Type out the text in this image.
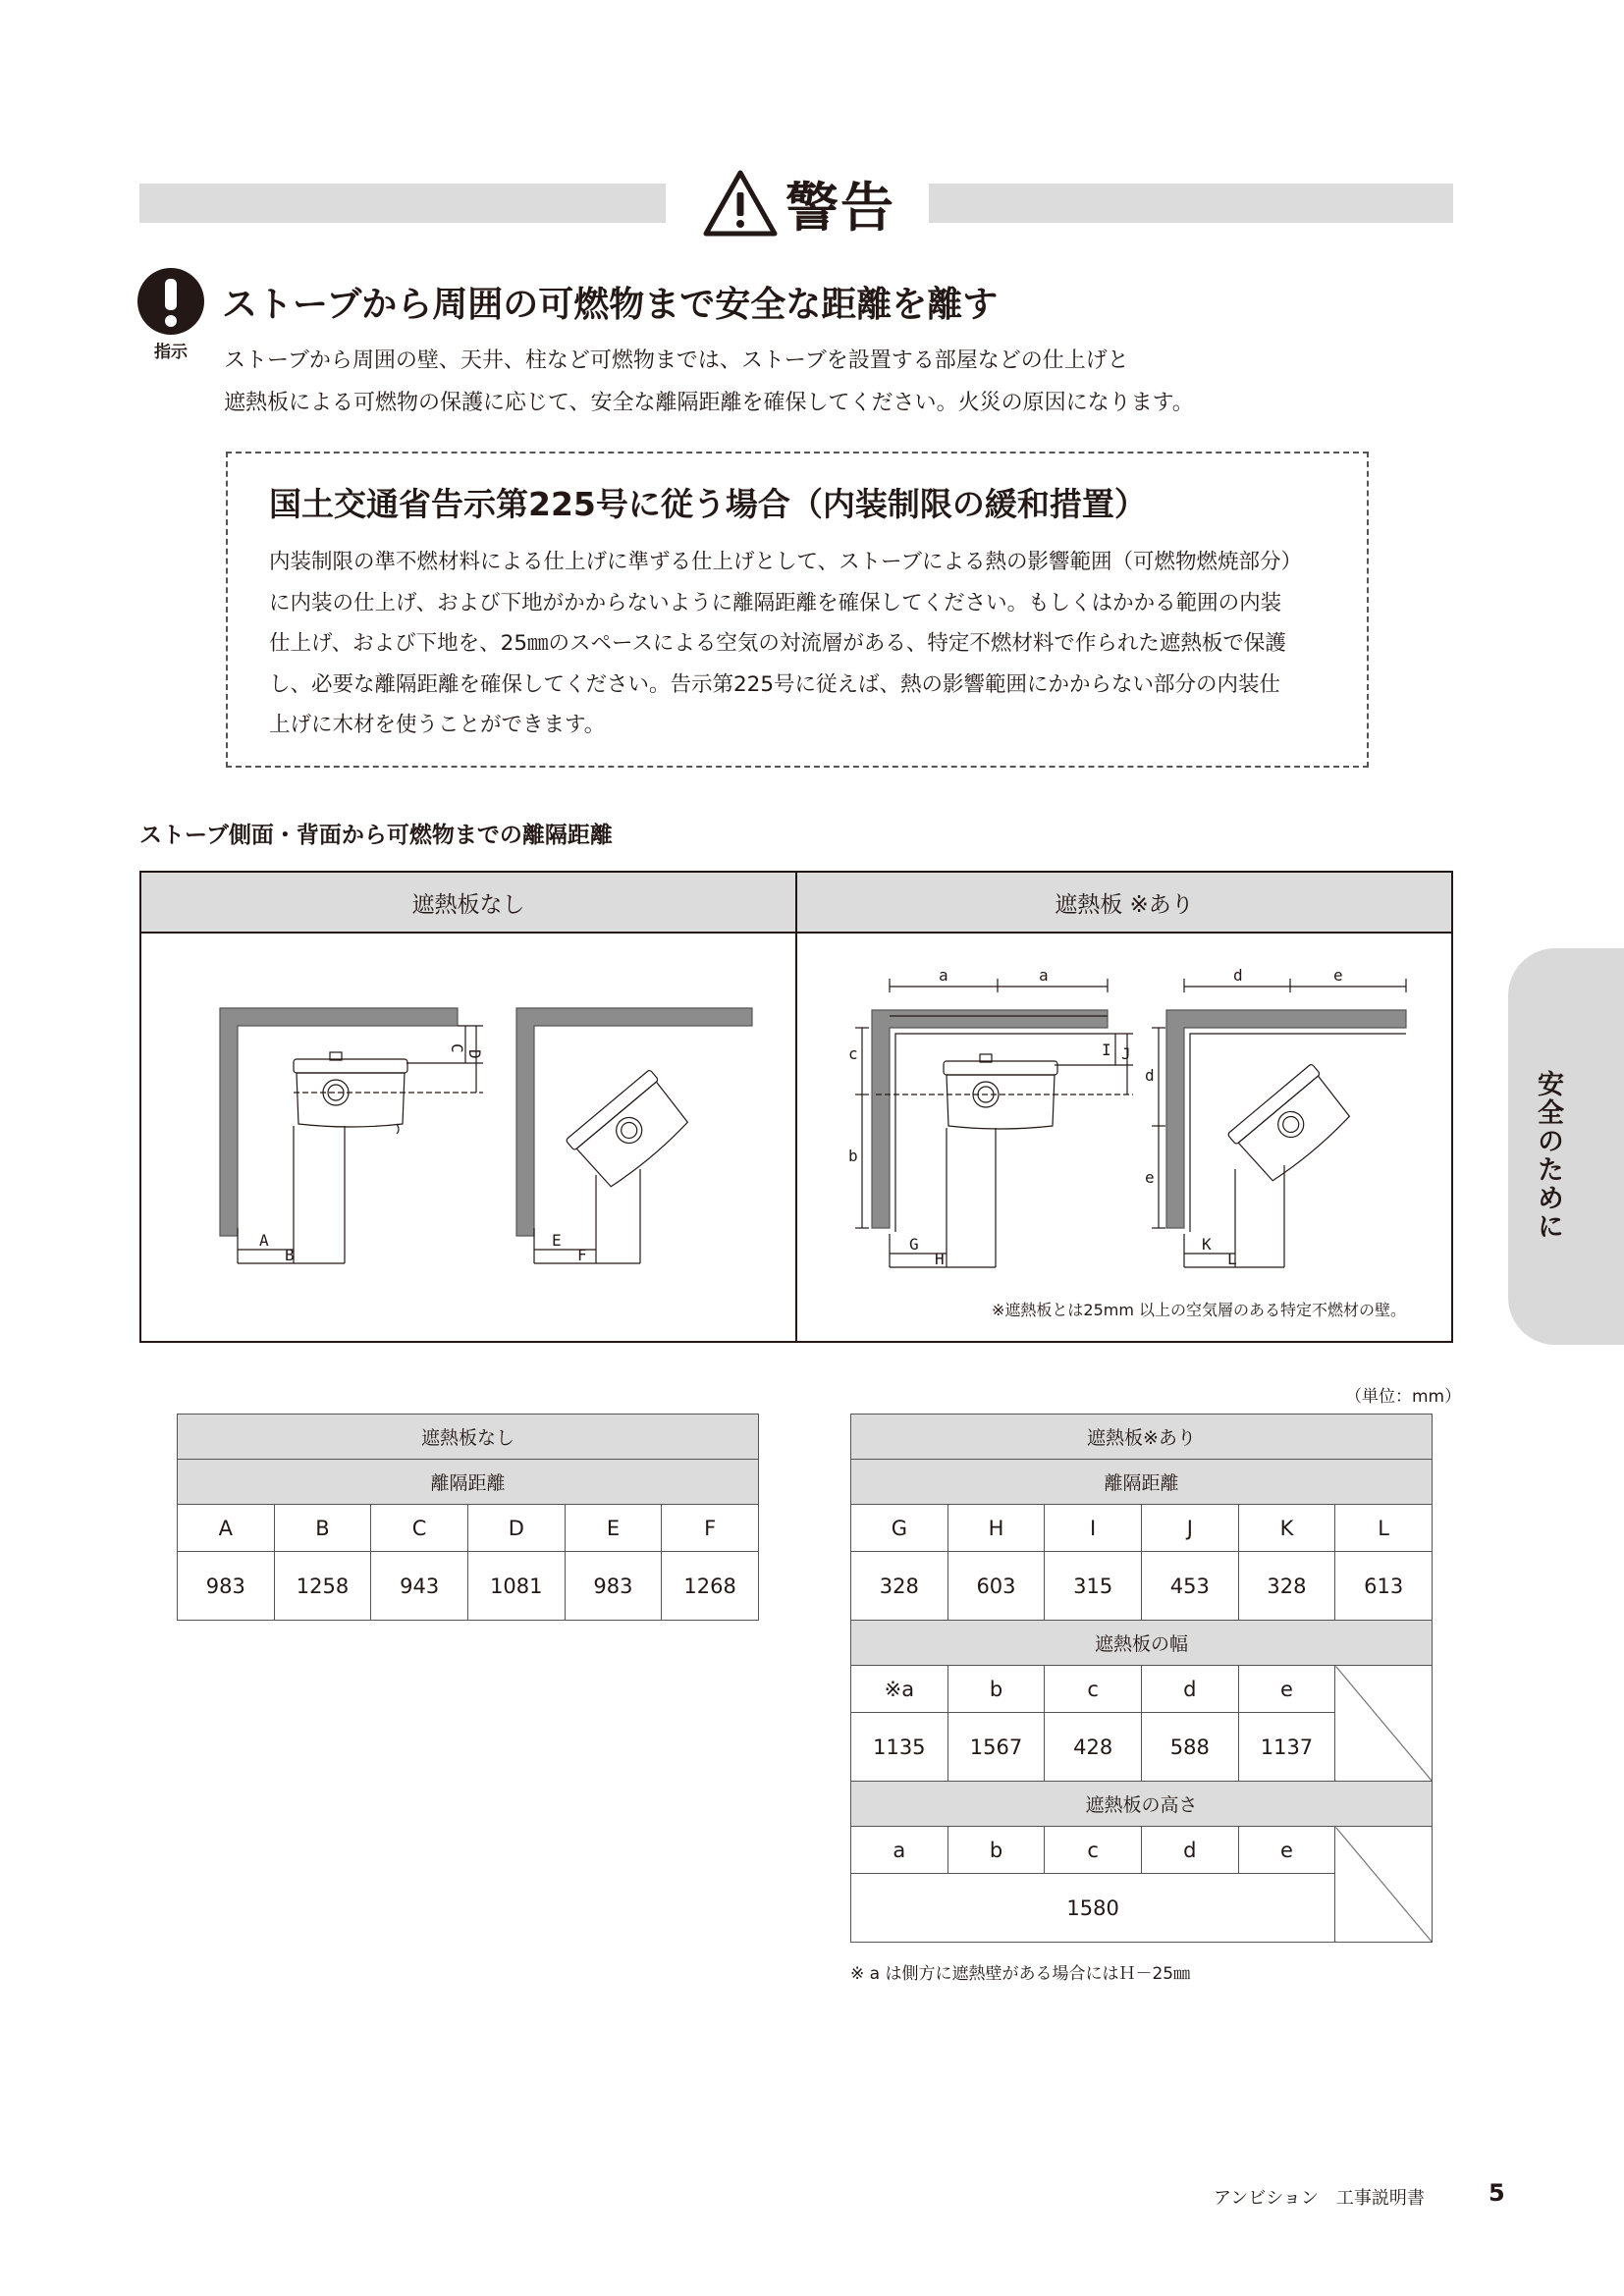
警告
指示
ストーブから周囲の可燃物まで安全な距離を離す
ストーブから周囲の壁、天井、柱など可燃物までは、ストーブを設置する部屋などの仕上げと
遮熱板による可燃物の保護に応じて、安全な離隔距離を確保してください。火災の原因になります。
国土交通省告示第225号に従う場合（内装制限の緩和措置）
内装制限の準不燃材料による仕上げに準ずる仕上げとして、ストーブによる熱の影響範囲（可燃物燃焼部分）
に内装の仕上げ、および下地がかからないように離隔距離を確保してください。もしくはかかる範囲の内装
仕上げ、および下地を、25㎜のスペースによる空気の対流層がある、特定不燃材料で作られた遮熱板で保護
し、必要な離隔距離を確保してください。告示第225号に従えば、熱の影響範囲にかからない部分の内装仕
上げに木材を使うことができます。
ストーブ側面・背面から可燃物までの離隔距離
遮熱板なし	遮熱板 ※あり
A
B
C
D
E
F
a	a
c
b
I J
G
H
d	e
d
e
K
L
※遮熱板とは25mm 以上の空気層のある特定不燃材の壁。
安全のために
（単位：mm）
遮熱板なし					
離隔距離					
A	B	C	D	E	F
983	1258	943	1081	983	1268
遮熱板※あり					
離隔距離					
G	H	I	J	K	L
328	603	315	453	328	613
遮熱板の幅					
※a	b	c	d	e	
1135	1567	428	588	1137	
遮熱板の高さ					
a	b	c	d	e	
1580					
※ a は側方に遮熱壁がある場合にはＨ－25㎜
アンビション　工事説明書	5
